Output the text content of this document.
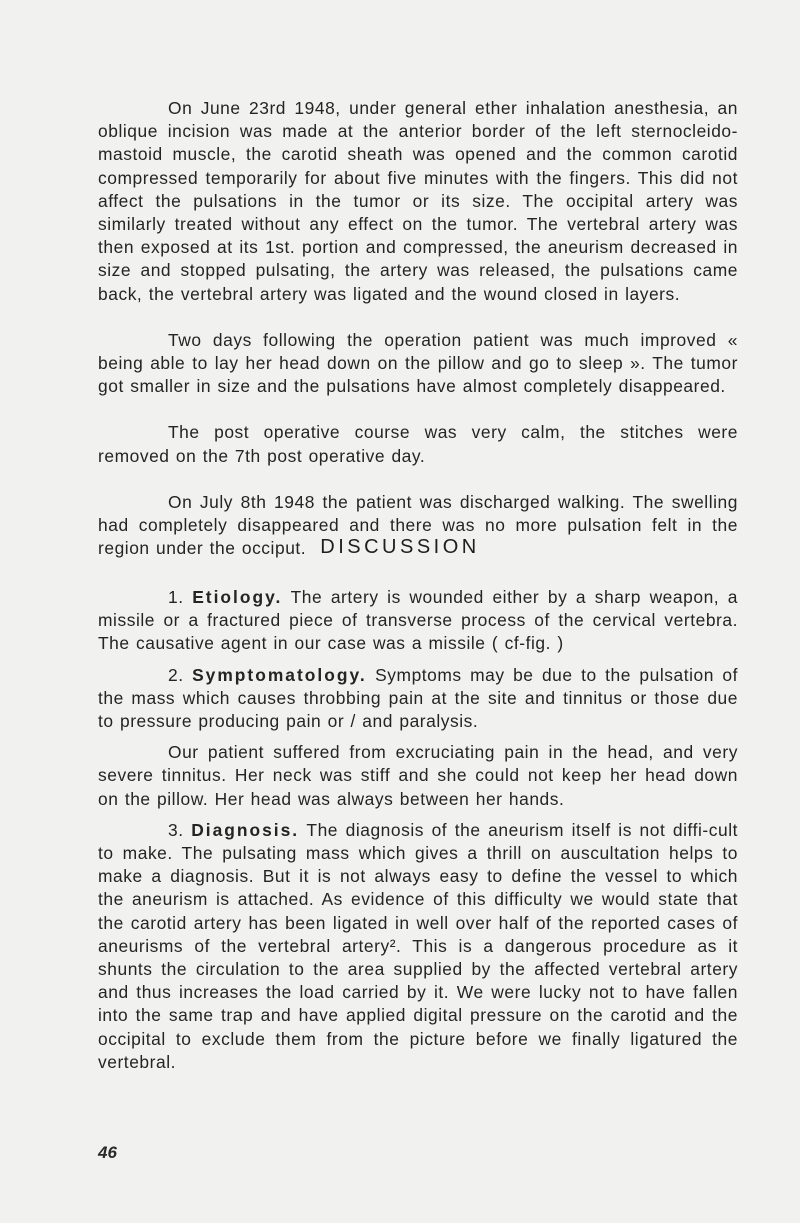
On June 23rd 1948, under general ether inhalation anesthesia, an oblique incision was made at the anterior border of the left sternocleido-mastoid muscle, the carotid sheath was opened and the common carotid compressed temporarily for about five minutes with the fingers. This did not affect the pulsations in the tumor or its size. The occipital artery was similarly treated without any effect on the tumor. The vertebral artery was then exposed at its 1st. portion and compressed, the aneurism decreased in size and stopped pulsating, the artery was released, the pulsations came back, the vertebral artery was ligated and the wound closed in layers.

Two days following the operation patient was much improved « being able to lay her head down on the pillow and go to sleep ». The tumor got smaller in size and the pulsations have almost completely disappeared.

The post operative course was very calm, the stitches were removed on the 7th post operative day.

On July 8th 1948 the patient was discharged walking. The swelling had completely disappeared and there was no more pulsation felt in the region under the occiput. DISCUSSION

1. Etiology. The artery is wounded either by a sharp weapon, a missile or a fractured piece of transverse process of the cervical vertebra. The causative agent in our case was a missile ( cf-fig. )

2. Symptomatology. Symptoms may be due to the pulsation of the mass which causes throbbing pain at the site and tinnitus or those due to pressure producing pain or / and paralysis.

Our patient suffered from excruciating pain in the head, and very severe tinnitus. Her neck was stiff and she could not keep her head down on the pillow. Her head was always between her hands.

3. Diagnosis. The diagnosis of the aneurism itself is not diffi-cult to make. The pulsating mass which gives a thrill on auscultation helps to make a diagnosis. But it is not always easy to define the vessel to which the aneurism is attached. As evidence of this difficulty we would state that the carotid artery has been ligated in well over half of the reported cases of aneurisms of the vertebral artery². This is a dangerous procedure as it shunts the circulation to the area supplied by the affected vertebral artery and thus increases the load carried by it. We were lucky not to have fallen into the same trap and have applied digital pressure on the carotid and the occipital to exclude them from the picture before we finally ligatured the vertebral.

46
